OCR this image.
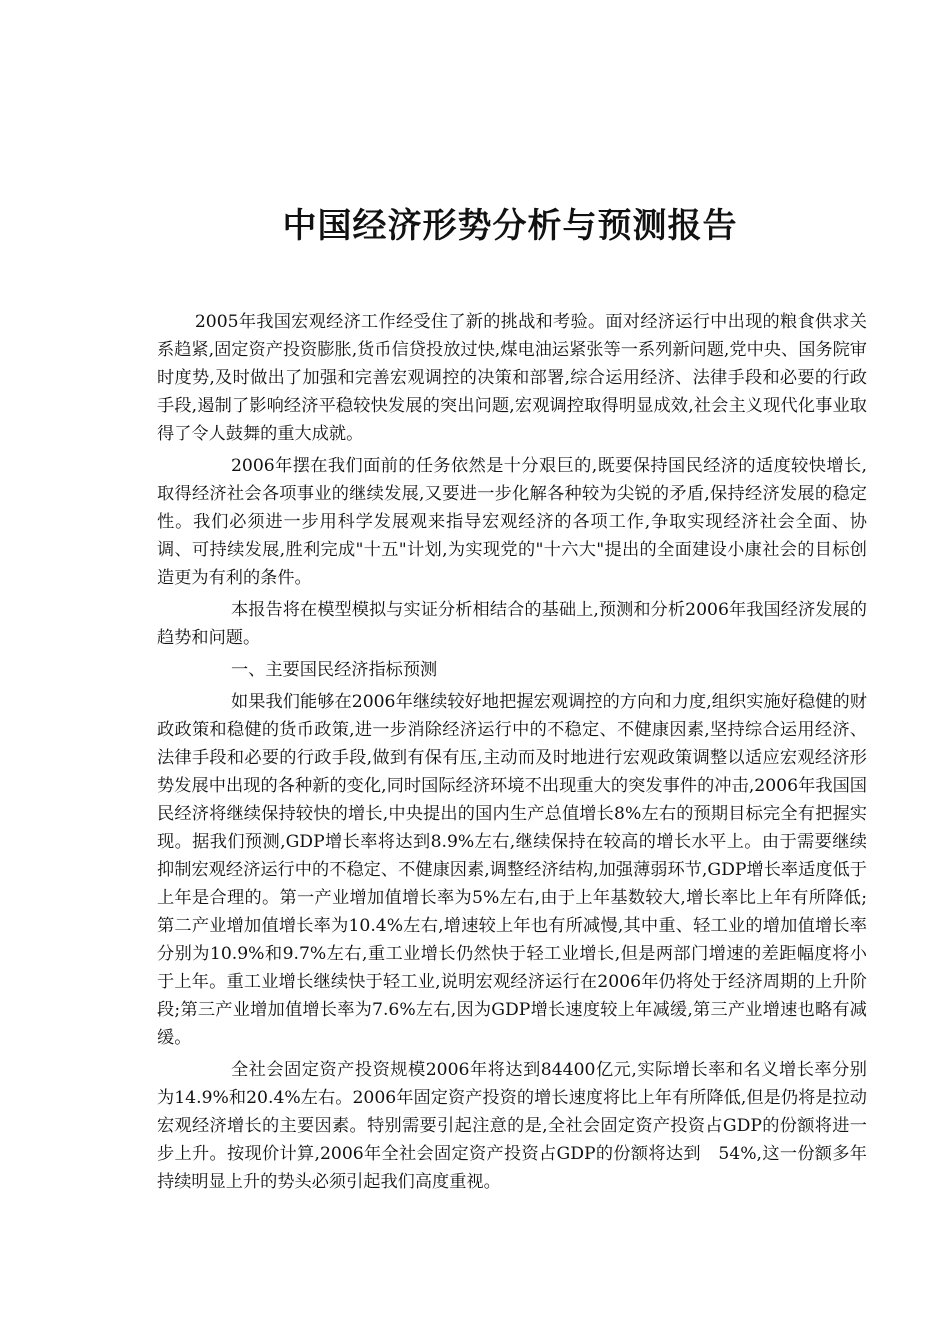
中国经济形势分析与预测报告

2005年我国宏观经济工作经受住了新的挑战和考验。面对经济运行中出现的粮食供求关系趋紧,固定资产投资膨胀,货币信贷投放过快,煤电油运紧张等一系列新问题,党中央、国务院审时度势,及时做出了加强和完善宏观调控的决策和部署,综合运用经济、法律手段和必要的行政手段,遏制了影响经济平稳较快发展的突出问题,宏观调控取得明显成效,社会主义现代化事业取得了令人鼓舞的重大成就。

2006年摆在我们面前的任务依然是十分艰巨的,既要保持国民经济的适度较快增长,取得经济社会各项事业的继续发展,又要进一步化解各种较为尖锐的矛盾,保持经济发展的稳定性。我们必须进一步用科学发展观来指导宏观经济的各项工作,争取实现经济社会全面、协调、可持续发展,胜利完成"十五"计划,为实现党的"十六大"提出的全面建设小康社会的目标创造更为有利的条件。

本报告将在模型模拟与实证分析相结合的基础上,预测和分析2006年我国经济发展的趋势和问题。

一、主要国民经济指标预测

如果我们能够在2006年继续较好地把握宏观调控的方向和力度,组织实施好稳健的财政政策和稳健的货币政策,进一步消除经济运行中的不稳定、不健康因素,坚持综合运用经济、法律手段和必要的行政手段,做到有保有压,主动而及时地进行宏观政策调整以适应宏观经济形势发展中出现的各种新的变化,同时国际经济环境不出现重大的突发事件的冲击,2006年我国国民经济将继续保持较快的增长,中央提出的国内生产总值增长8%左右的预期目标完全有把握实现。据我们预测,GDP增长率将达到8.9%左右,继续保持在较高的增长水平上。由于需要继续抑制宏观经济运行中的不稳定、不健康因素,调整经济结构,加强薄弱环节,GDP增长率适度低于上年是合理的。第一产业增加值增长率为5%左右,由于上年基数较大,增长率比上年有所降低;第二产业增加值增长率为10.4%左右,增速较上年也有所减慢,其中重、轻工业的增加值增长率分别为10.9%和9.7%左右,重工业增长仍然快于轻工业增长,但是两部门增速的差距幅度将小于上年。重工业增长继续快于轻工业,说明宏观经济运行在2006年仍将处于经济周期的上升阶段;第三产业增加值增长率为7.6%左右,因为GDP增长速度较上年减缓,第三产业增速也略有减缓。

全社会固定资产投资规模2006年将达到84400亿元,实际增长率和名义增长率分别为14.9%和20.4%左右。2006年固定资产投资的增长速度将比上年有所降低,但是仍将是拉动宏观经济增长的主要因素。特别需要引起注意的是,全社会固定资产投资占GDP的份额将进一步上升。按现价计算,2006年全社会固定资产投资占GDP的份额将达到　54%,这一份额多年持续明显上升的势头必须引起我们高度重视。
